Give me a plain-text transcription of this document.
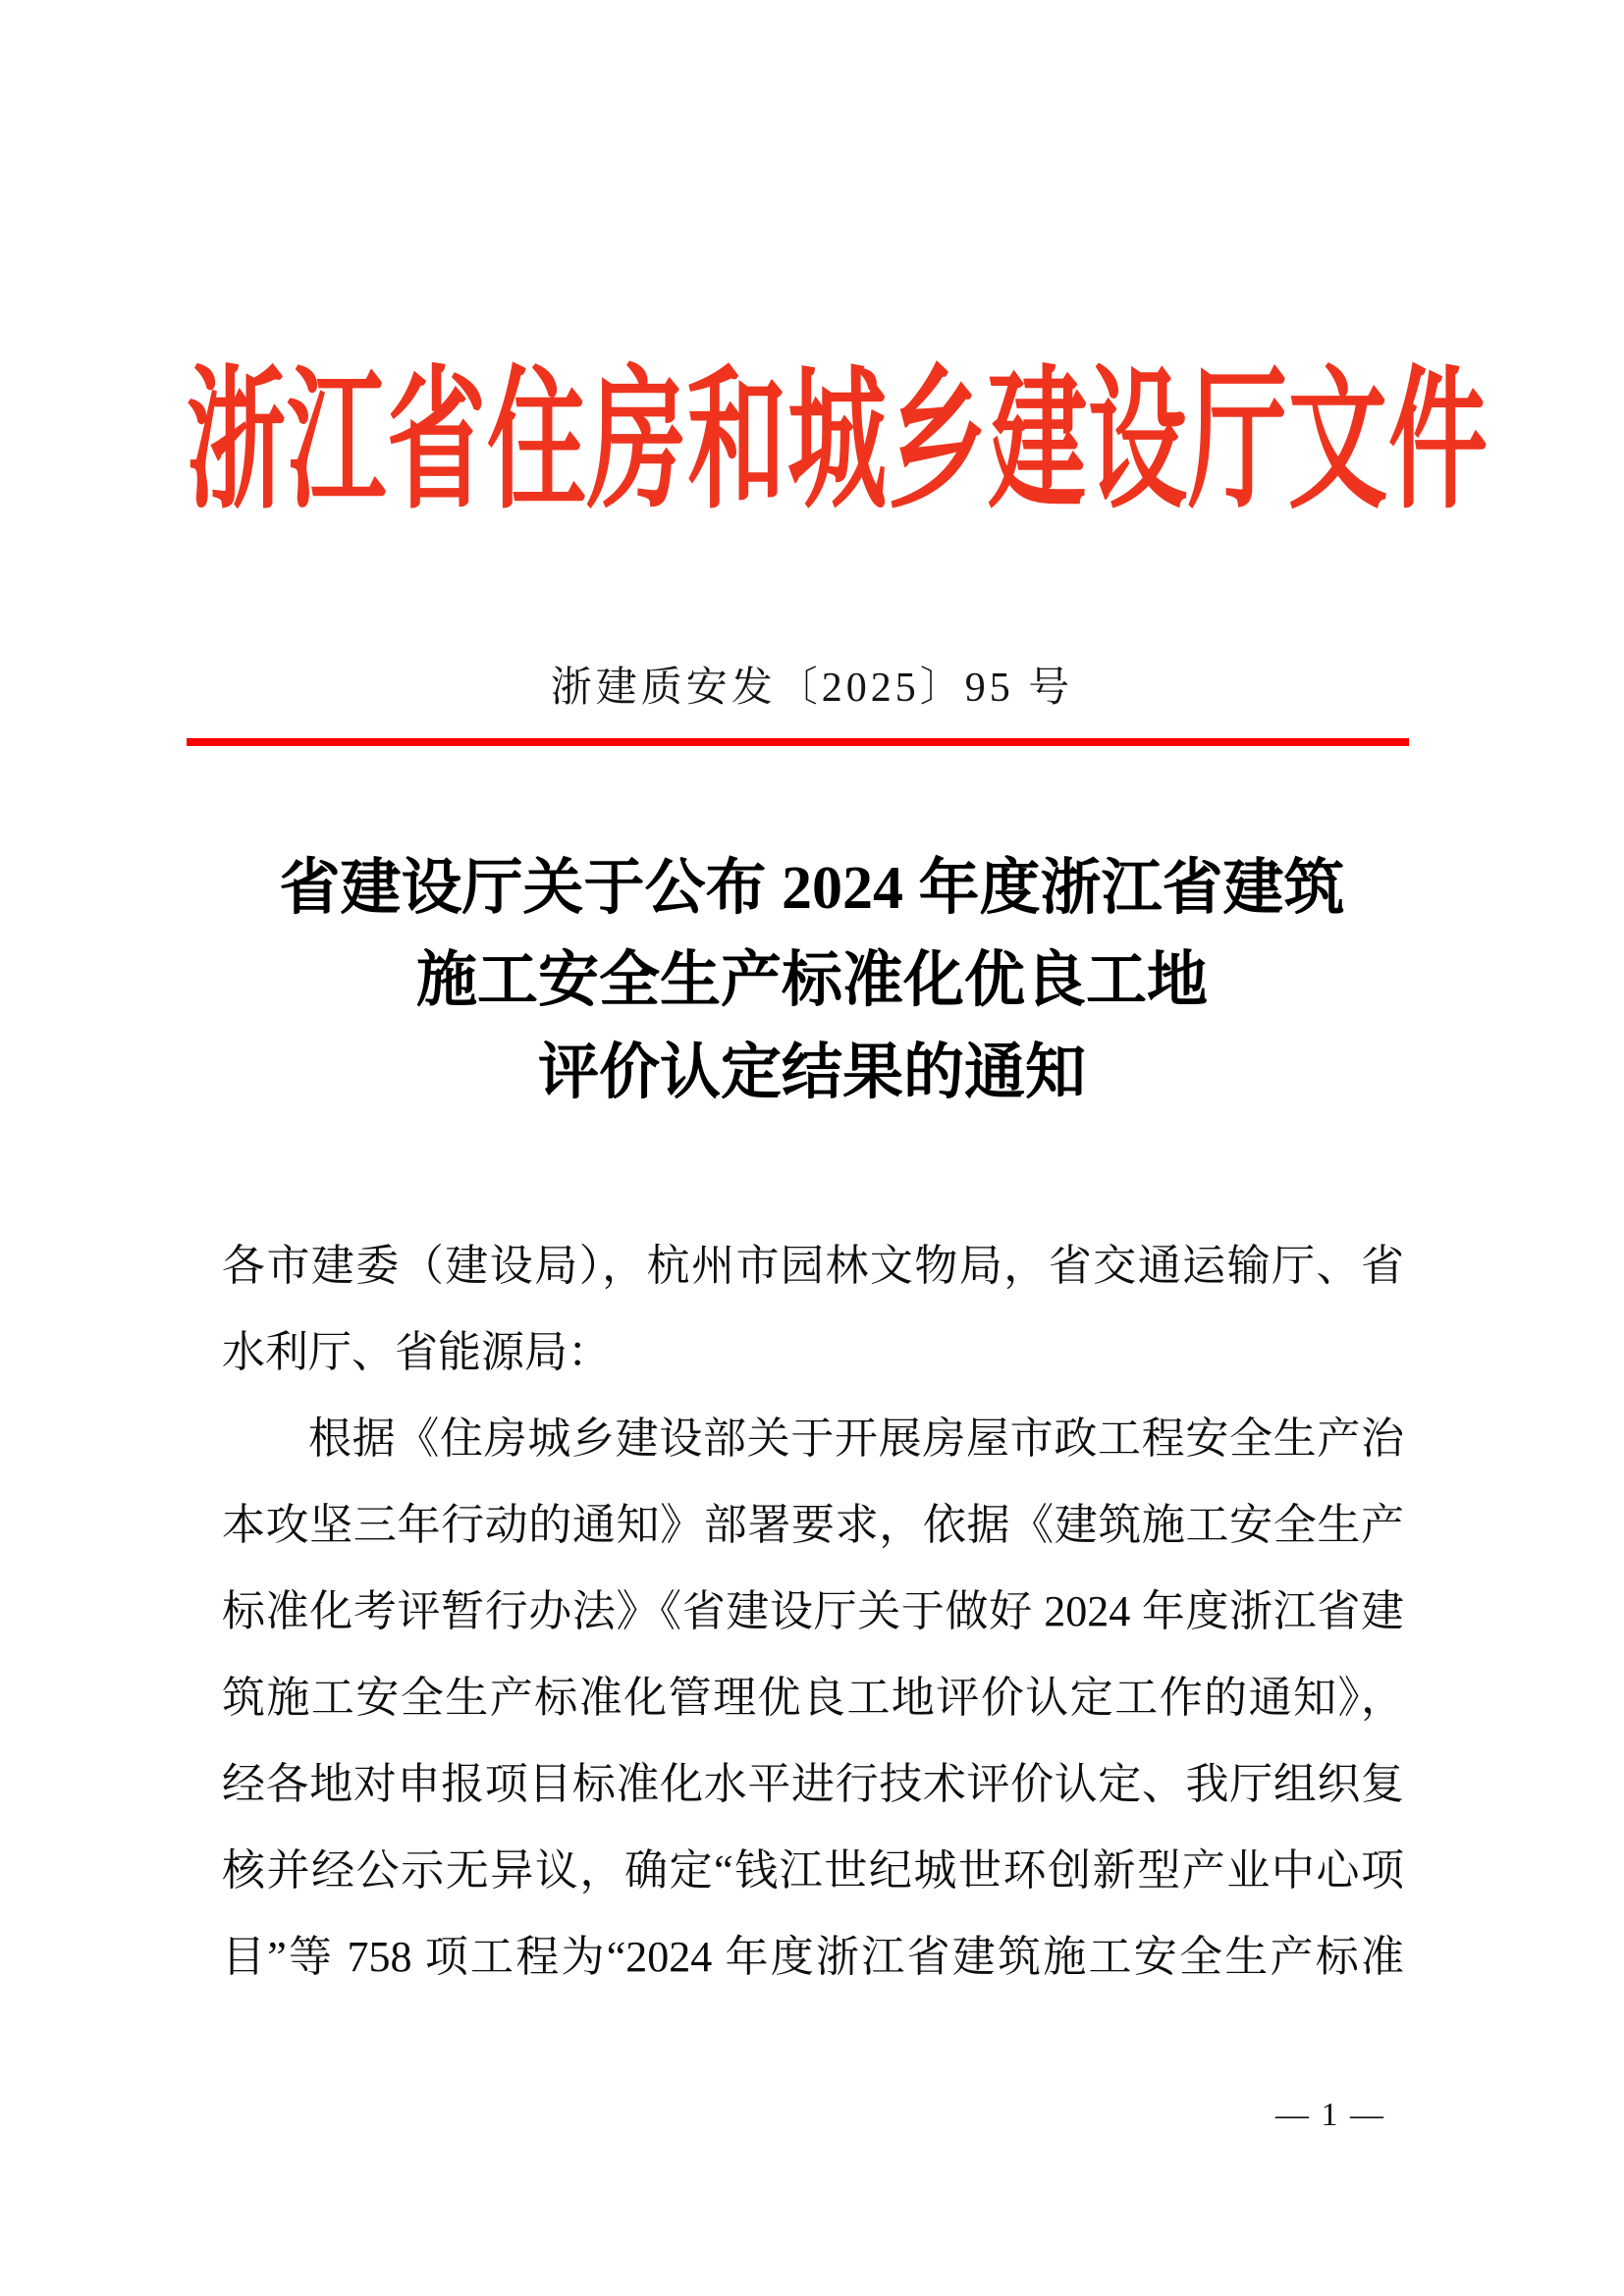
浙江省住房和城乡建设厅文件
浙建质安发〔2025〕95 号
省建设厅关于公布 2024 年度浙江省建筑
施工安全生产标准化优良工地
评价认定结果的通知
各市建委（建设局），杭州市园林文物局，省交通运输厅、省
水利厅、省能源局：
根据《住房城乡建设部关于开展房屋市政工程安全生产治
本攻坚三年行动的通知》部署要求，依据《建筑施工安全生产
标准化考评暂行办法》《省建设厅关于做好 2024 年度浙江省建
筑施工安全生产标准化管理优良工地评价认定工作的通知》，
经各地对申报项目标准化水平进行技术评价认定、我厅组织复
核并经公示无异议，确定“钱江世纪城世环创新型产业中心项
目”等 758 项工程为“2024 年度浙江省建筑施工安全生产标准
— 1 —
